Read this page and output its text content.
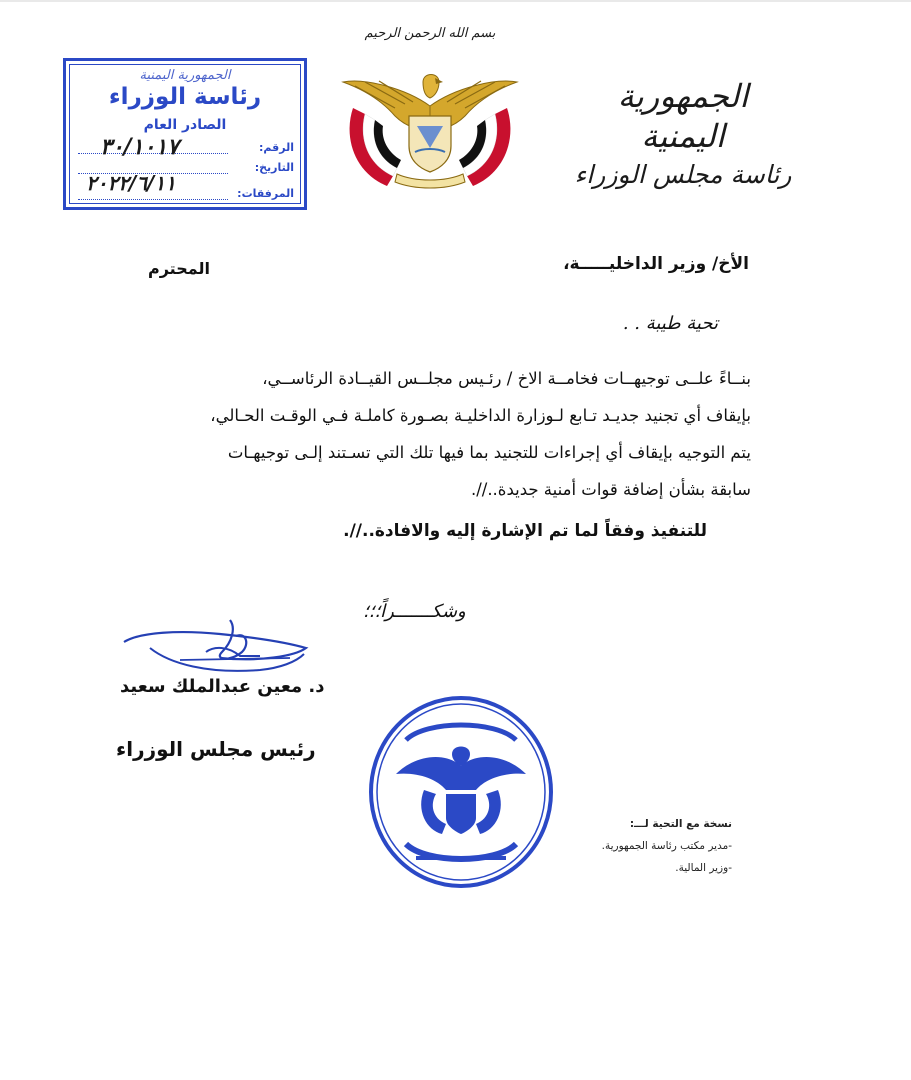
بسم الله الرحمن الرحيم
الجمهورية اليمنية
رئاسة مجلس الوزراء
الجمهورية اليمنية
رئاسة الوزراء
الصادر العام
الرقم:
٣٠/١٠١٧
التاريخ:
المرفقات:
٢٠٢٢/٦/١١
الأخ/ وزير الداخليـــــة،
المحترم
تحية طيبة . .
بنــاءً علــى توجيهــات فخامــة الاخ / رئـيس مجلــس القيــادة الرئاســي،
بإيقاف أي تجنيد جديـد تـابع لـوزارة الداخليـة بصـورة كاملـة فـي الوقـت الحـالي،
يتم التوجيه بإيقاف أي إجراءات للتجنيد بما فيها تلك التي تسـتند إلـى توجيهـات
سابقة بشأن إضافة قوات أمنية جديدة..//.
للتنفيذ وفقاً لما تم الإشارة إليه والافادة..//.
وشكـــــــراً؛؛؛
د. معين عبدالملك سعيد
رئيس مجلس الوزراء
نسخة مع التحية لـــ:
-مدير مكتب رئاسة الجمهورية.
-وزير المالية.
